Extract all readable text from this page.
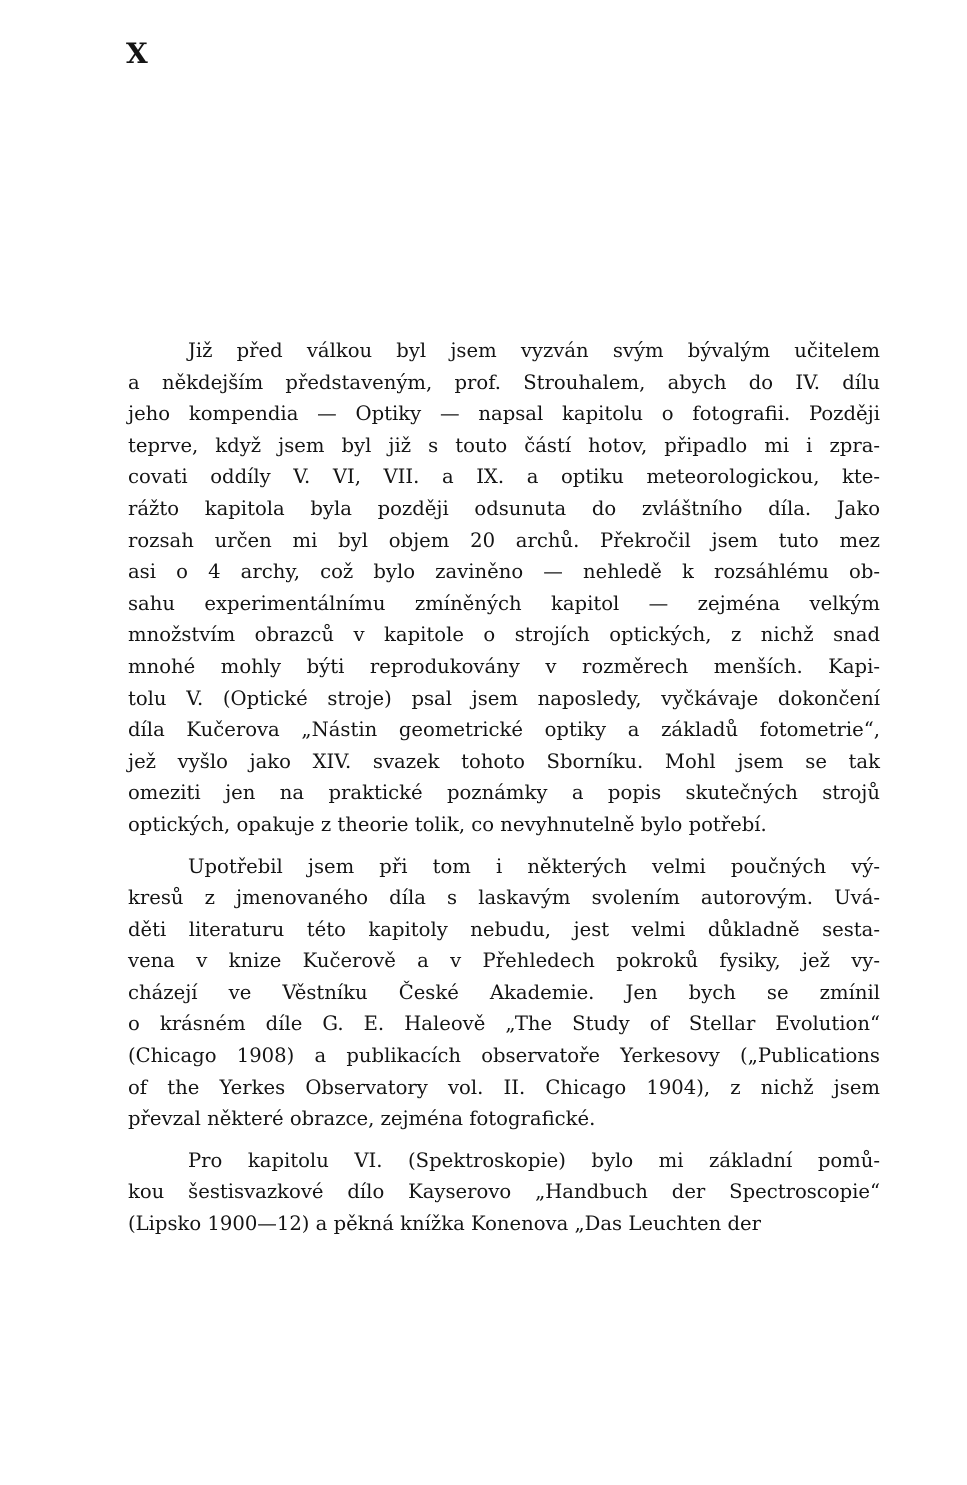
X
Již před válkou byl jsem vyzván svým bývalým učitelem
a někdejším představeným, prof. Strouhalem, abych do IV. dílu
jeho kompendia — Optiky — napsal kapitolu o fotografii. Později
teprve, když jsem byl již s touto částí hotov, připadlo mi i zpra-
covati oddíly V. VI, VII. a IX. a optiku meteorologickou, kte-
rážto kapitola byla později odsunuta do zvláštního díla. Jako
rozsah určen mi byl objem 20 archů. Překročil jsem tuto mez
asi o 4 archy, což bylo zaviněno — nehledě k rozsáhlému ob-
sahu experimentálnímu zmíněných kapitol — zejména velkým
množstvím obrazců v kapitole o strojích optických, z nichž snad
mnohé mohly býti reprodukovány v rozměrech menších. Kapi-
tolu V. (Optické stroje) psal jsem naposledy, vyčkávaje dokončení
díla Kučerova „Nástin geometrické optiky a základů fotometrie“,
jež vyšlo jako XIV. svazek tohoto Sborníku. Mohl jsem se tak
omeziti jen na praktické poznámky a popis skutečných strojů
optických, opakuje z theorie tolik, co nevyhnutelně bylo potřebí.
Upotřebil jsem při tom i některých velmi poučných vý-
kresů z jmenovaného díla s laskavým svolením autorovým. Uvá-
děti literaturu této kapitoly nebudu, jest velmi důkladně sesta-
vena v knize Kučerově a v Přehledech pokroků fysiky, jež vy-
cházejí ve Věstníku České Akademie. Jen bych se zmínil
o krásném díle G. E. Haleově „The Study of Stellar Evolution“
(Chicago 1908) a publikacích observatoře Yerkesovy („Publications
of the Yerkes Observatory vol. II. Chicago 1904), z nichž jsem
převzal některé obrazce, zejména fotografické.
Pro kapitolu VI. (Spektroskopie) bylo mi základní pomů-
kou šestisvazkové dílo Kayserovo „Handbuch der Spectroscopie“
(Lipsko 1900—12) a pěkná knížka Konenova „Das Leuchten der
